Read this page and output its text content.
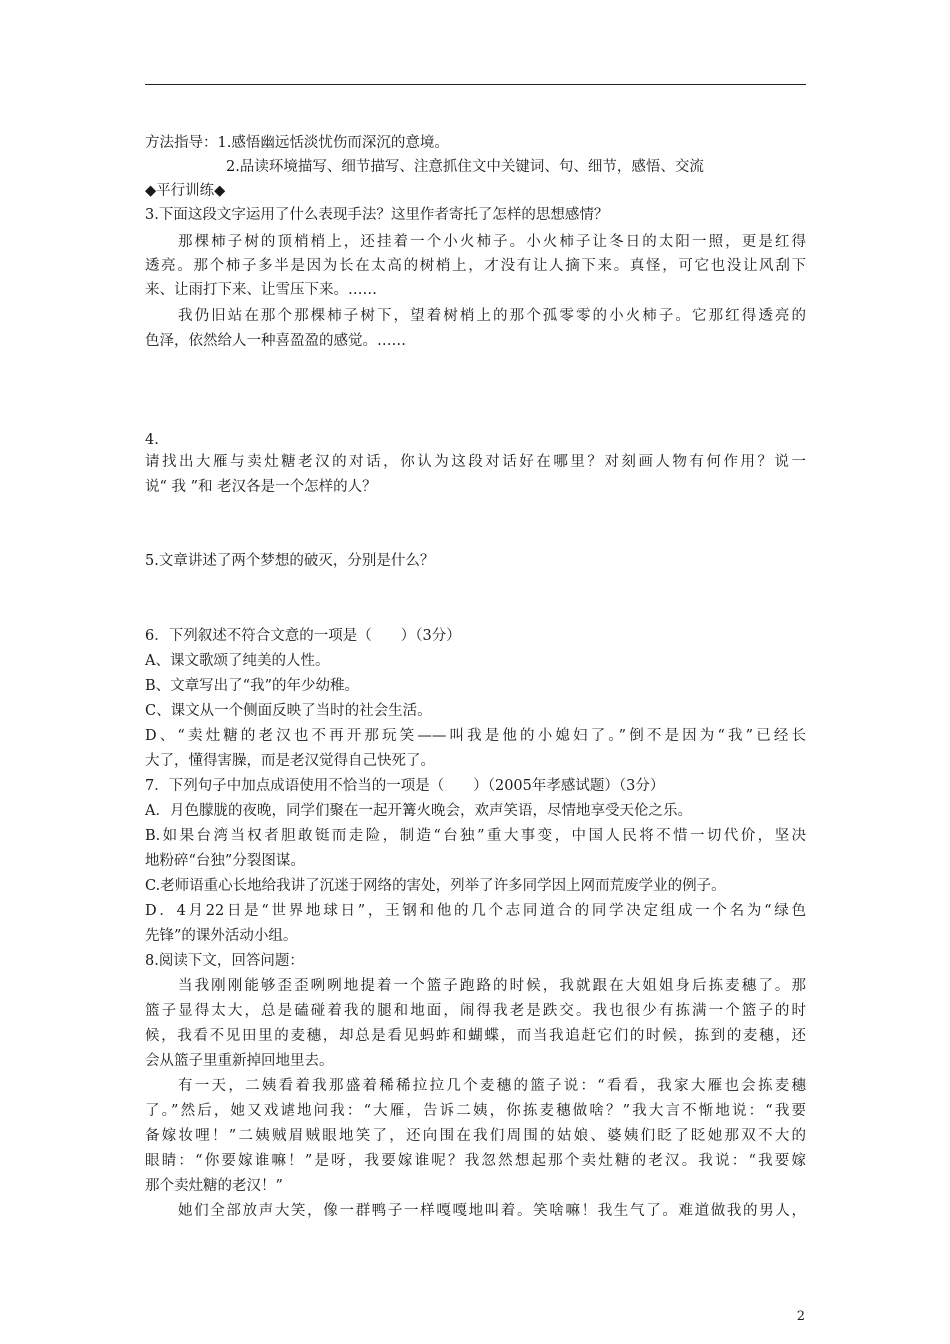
方法指导：1.感悟幽远恬淡忧伤而深沉的意境。
2.品读环境描写、细节描写、注意抓住文中关键词、句、细节，感悟、交流
◆平行训练◆
3.下面这段文字运用了什么表现手法？这里作者寄托了怎样的思想感情？
那棵柿子树的顶梢梢上，还挂着一个小火柿子。小火柿子让冬日的太阳一照，更是红得
透亮。那个柿子多半是因为长在太高的树梢上，才没有让人摘下来。真怪，可它也没让风刮下
来、让雨打下来、让雪压下来。……
我仍旧站在那个那棵柿子树下，望着树梢上的那个孤零零的小火柿子。它那红得透亮的
色泽，依然给人一种喜盈盈的感觉。……
4.
请找出大雁与卖灶糖老汉的对话，你认为这段对话好在哪里？对刻画人物有何作用？说一
说“ 我 ”和 老汉各是一个怎样的人？
5.文章讲述了两个梦想的破灭，分别是什么？
6．下列叙述不符合文意的一项是（　　）（3分）
A、课文歌颂了纯美的人性。
B、文章写出了“我”的年少幼稚。
C、课文从一个侧面反映了当时的社会生活。
D、“卖灶糖的老汉也不再开那玩笑——叫我是他的小媳妇了。”倒不是因为“我”已经长
大了，懂得害臊，而是老汉觉得自己快死了。
7．下列句子中加点成语使用不恰当的一项是（　　）（2005年孝感试题）（3分）
A．月色朦胧的夜晚，同学们聚在一起开篝火晚会，欢声笑语，尽情地享受天伦之乐。
B.如果台湾当权者胆敢铤而走险，制造“台独”重大事变，中国人民将不惜一切代价，坚决
地粉碎“台独”分裂图谋。
C.老师语重心长地给我讲了沉迷于网络的害处，列举了许多同学因上网而荒废学业的例子。
D．4月22日是“世界地球日”，王钢和他的几个志同道合的同学决定组成一个名为“绿色
先锋”的课外活动小组。
8.阅读下文，回答问题：
当我刚刚能够歪歪咧咧地提着一个篮子跑路的时候，我就跟在大姐姐身后拣麦穗了。那
篮子显得太大，总是磕碰着我的腿和地面，闹得我老是跌交。我也很少有拣满一个篮子的时
候，我看不见田里的麦穗，却总是看见蚂蚱和蝴蝶，而当我追赶它们的时候，拣到的麦穗，还
会从篮子里重新掉回地里去。
有一天，二姨看着我那盛着稀稀拉拉几个麦穗的篮子说：“看看，我家大雁也会拣麦穗
了。”然后，她又戏谑地问我：“大雁，告诉二姨，你拣麦穗做啥？”我大言不惭地说：“我要
备嫁妆哩！”二姨贼眉贼眼地笑了，还向围在我们周围的姑娘、婆姨们眨了眨她那双不大的
眼睛：“你要嫁谁嘛！”是呀，我要嫁谁呢？我忽然想起那个卖灶糖的老汉。我说：“我要嫁
那个卖灶糖的老汉！”
她们全部放声大笑，像一群鸭子一样嘎嘎地叫着。笑啥嘛！我生气了。难道做我的男人，
2
